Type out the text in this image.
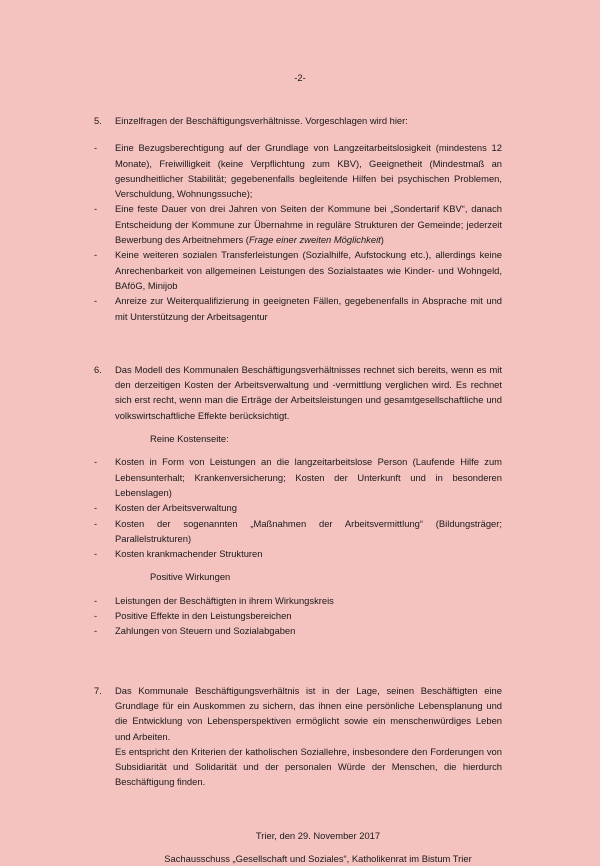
-2-
5.	Einzelfragen der Beschäftigungsverhältnisse. Vorgeschlagen wird hier:
-	Eine Bezugsberechtigung auf der Grundlage von Langzeitarbeitslosigkeit (mindestens 12 Monate), Freiwilligkeit (keine Verpflichtung zum KBV), Geeignetheit (Mindestmaß an gesundheitlicher Stabilität; gegebenenfalls begleitende Hilfen bei psychischen Problemen, Verschuldung, Wohnungssuche);
-	Eine feste Dauer von drei Jahren von Seiten der Kommune bei „Sondertarif KBV“, danach Entscheidung der Kommune zur Übernahme in reguläre Strukturen der Gemeinde; jederzeit Bewerbung des Arbeitnehmers (Frage einer zweiten Möglichkeit)
-	Keine weiteren sozialen Transferleistungen (Sozialhilfe, Aufstockung etc.), allerdings keine Anrechenbarkeit von allgemeinen Leistungen des Sozialstaates wie Kinder- und Wohngeld, BAföG, Minijob
-	Anreize zur Weiterqualifizierung in geeigneten Fällen, gegebenenfalls in Absprache mit und mit Unterstützung der Arbeitsagentur
6.	Das Modell des Kommunalen Beschäftigungsverhältnisses rechnet sich bereits, wenn es mit den derzeitigen Kosten der Arbeitsverwaltung und -vermittlung verglichen wird. Es rechnet sich erst recht, wenn man die Erträge der Arbeitsleistungen und gesamtgesellschaftliche und volkswirtschaftliche Effekte berücksichtigt.
Reine Kostenseite:
-	Kosten in Form von Leistungen an die langzeitarbeitslose Person (Laufende Hilfe zum Lebensunterhalt; Krankenversicherung; Kosten der Unterkunft und in besonderen Lebenslagen)
-	Kosten der Arbeitsverwaltung
-	Kosten der sogenannten „Maßnahmen der Arbeitsvermittlung“ (Bildungsträger; Parallelstrukturen)
-	Kosten krankmachender Strukturen
Positive Wirkungen
-	Leistungen der Beschäftigten in ihrem Wirkungskreis
-	Positive Effekte in den Leistungsbereichen
-	Zahlungen von Steuern und Sozialabgaben
7.	Das Kommunale Beschäftigungsverhältnis ist in der Lage, seinen Beschäftigten eine Grundlage für ein Auskommen zu sichern, das ihnen eine persönliche Lebensplanung und die Entwicklung von Lebensperspektiven ermöglicht sowie ein menschenwürdiges Leben und Arbeiten.
Es entspricht den Kriterien der katholischen Soziallehre, insbesondere den Forderungen von Subsidiarität und Solidarität und der personalen Würde der Menschen, die hierdurch Beschäftigung finden.
Trier, den 29. November 2017
Sachausschuss „Gesellschaft und Soziales“, Katholikenrat im Bistum Trier
